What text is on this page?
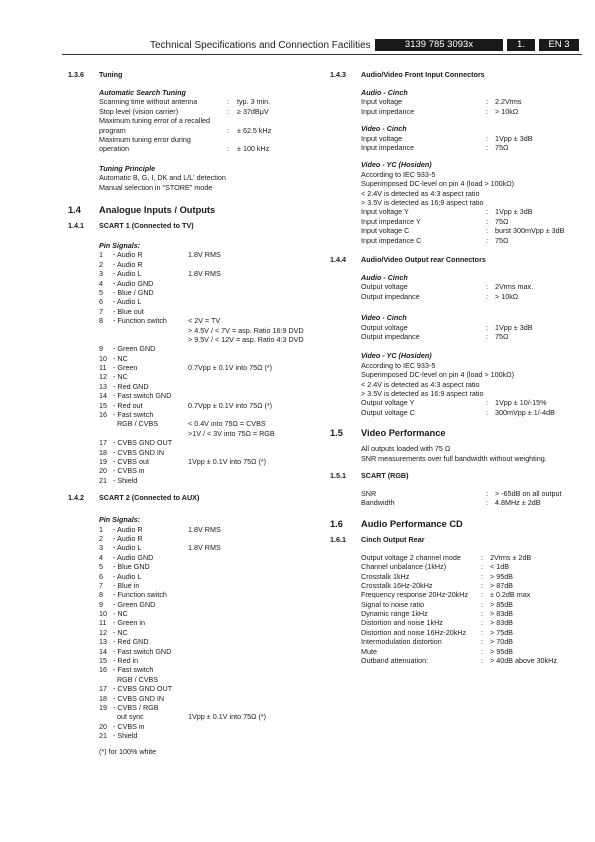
Technical Specifications and Connection Facilities	3139 785 3093x	1.	EN 3
1.3.6 Tuning
Automatic Search Tuning
Scanning time without antenna	: typ. 3 min.
Stop level (vision carrier)	: ≥ 37dBμV
Maximum tuning error of a recalled
program	: ± 62.5 kHz
Maximum tuning error during
operation	: ± 100 kHz
Tuning Principle
Automatic B, G, I, DK and L/L' detection
Manual selection in "STORE" mode
1.4 Analogue Inputs / Outputs
1.4.1 SCART 1 (Connected to TV)
Pin Signals:
1 - Audio R	1.8V RMS
2 - Audio R
3 - Audio L	1.8V RMS
4 - Audio GND
5 - Blue / GND
6 - Audio L
7 - Blue out
8 - Function switch	< 2V = TV
> 4.5V / < 7V = asp. Ratio 16:9 DVD
> 9.5V / < 12V = asp. Ratio 4:3 DVD
9 - Green GND
10 - NC
11 - Green	0.7Vpp ± 0.1V into 75Ω (*)
12 - NC
13 - Red GND
14 - Fast switch GND
15 - Red out	0.7Vpp ± 0.1V into 75Ω (*)
16 - Fast switch
RGB / CVBS	< 0.4V into 75Ω = CVBS
>1V / < 3V into 75Ω = RGB
17 - CVBS GND OUT
18 - CVBS GND IN
19 - CVBS out	1Vpp ± 0.1V into 75Ω (*)
20 - CVBS in
21 - Shield
1.4.2 SCART 2 (Connected to AUX)
Pin Signals:
1 - Audio R	1.8V RMS
2 - Audio R
3 - Audio L	1.8V RMS
4 - Audio GND
5 - Blue GND
6 - Audio L
7 - Blue in
8 - Function switch
9 - Green GND
10 - NC
11 - Green in
12 - NC
13 - Red GND
14 - Fast switch GND
15 - Red in
16 - Fast switch
RGB / CVBS
17 - CVBS GND OUT
18 - CVBS GND IN
19 - CVBS / RGB
out sync	1Vpp ± 0.1V into 75Ω (*)
20 - CVBS in
21 - Shield
(*) for 100% white
1.4.3 Audio/Video Front Input Connectors
Audio - Cinch
Input voltage	: 2.2Vrms
Input impedance	: > 10kΩ
Video - Cinch
Input voltage	: 1Vpp ± 3dB
Input impedance	: 75Ω
Video - YC (Hosiden)
According to IEC 933-5
Superimposed DC-level on pin 4 (load > 100kΩ)
< 2.4V is detected as 4:3 aspect ratio
> 3.5V is detected as 16:9 aspect ratio
Input voltage Y	: 1Vpp ± 3dB
Input impedance Y	: 75Ω
Input voltage C	: burst 300mVpp ± 3dB
Input impedance C	: 75Ω
1.4.4 Audio/Video Output rear Connectors
Audio - Cinch
Output voltage	: 2Vrms max.
Output impedance	: > 10kΩ
Video - Cinch
Output voltage	: 1Vpp ± 3dB
Output impedance	: 75Ω
Video - YC (Hosiden)
According to IEC 933-5
Superimposed DC-level on pin 4 (load > 100kΩ)
< 2.4V is detected as 4:3 aspect ratio
> 3.5V is detected as 16:9 aspect ratio
Output voltage Y	: 1Vpp ± 10/-15%
Output voltage C	: 300mVpp ± 1/-4dB
1.5 Video Performance
All outputs loaded with 75 Ω
SNR measurements over full bandwidth without weighting.
1.5.1 SCART (RGB)
SNR	: > -65dB on all output
Bandwidth	: 4.8MHz ± 2dB
1.6 Audio Performance CD
1.6.1 Cinch Output Rear
Output voltage 2 channel mode	: 2Vrms ± 2dB
Channel unbalance (1kHz)	: < 1dB
Crosstalk 1kHz	: > 95dB
Crosstalk 16Hz-20kHz	: > 87dB
Frequency response 20Hz-20kHz : ± 0.2dB max
Signal to noise ratio	: > 85dB
Dynamic range 1kHz	: > 83dB
Distortion and noise 1kHz	: > 83dB
Distortion and noise 16Hz-20kHz : > 75dB
Intermodulation distortion	: > 70dB
Mute	: > 95dB
Outband attenuation:	: > 40dB above 30kHz
